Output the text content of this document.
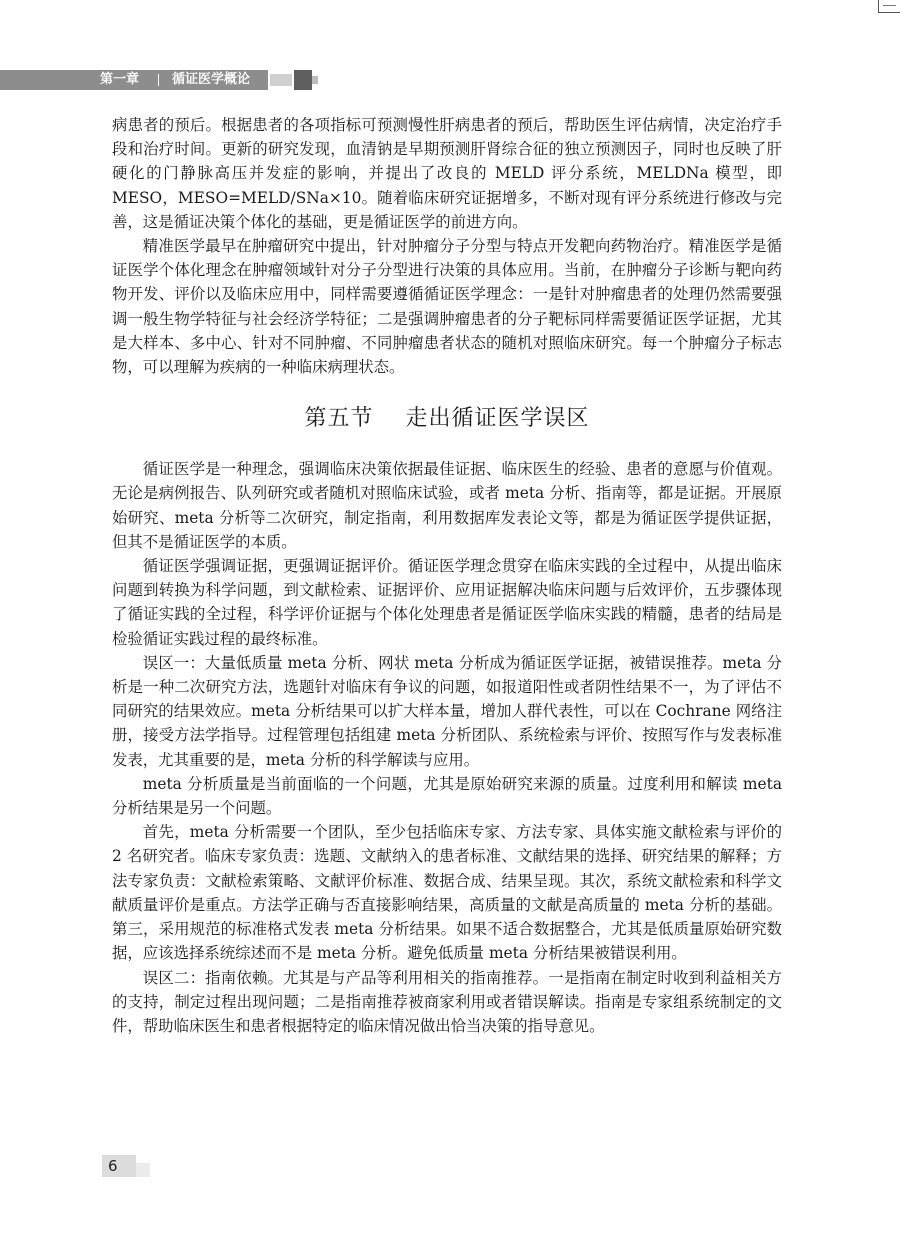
第一章	循证医学概论

病患者的预后。根据患者的各项指标可预测慢性肝病患者的预后，帮助医生评估病情，决定治疗手段和治疗时间。更新的研究发现，血清钠是早期预测肝肾综合征的独立预测因子，同时也反映了肝硬化的门静脉高压并发症的影响，并提出了改良的 MELD 评分系统，MELDNa 模型，即 MESO，MESO=MELD/SNa×10。随着临床研究证据增多，不断对现有评分系统进行修改与完善，这是循证决策个体化的基础，更是循证医学的前进方向。

精准医学最早在肿瘤研究中提出，针对肿瘤分子分型与特点开发靶向药物治疗。精准医学是循证医学个体化理念在肿瘤领域针对分子分型进行决策的具体应用。当前，在肿瘤分子诊断与靶向药物开发、评价以及临床应用中，同样需要遵循循证医学理念：一是针对肿瘤患者的处理仍然需要强调一般生物学特征与社会经济学特征；二是强调肿瘤患者的分子靶标同样需要循证医学证据，尤其是大样本、多中心、针对不同肿瘤、不同肿瘤患者状态的随机对照临床研究。每一个肿瘤分子标志物，可以理解为疾病的一种临床病理状态。

第五节 走出循证医学误区

循证医学是一种理念，强调临床决策依据最佳证据、临床医生的经验、患者的意愿与价值观。无论是病例报告、队列研究或者随机对照临床试验，或者 meta 分析、指南等，都是证据。开展原始研究、meta 分析等二次研究，制定指南，利用数据库发表论文等，都是为循证医学提供证据，但其不是循证医学的本质。

循证医学强调证据，更强调证据评价。循证医学理念贯穿在临床实践的全过程中，从提出临床问题到转换为科学问题，到文献检索、证据评价、应用证据解决临床问题与后效评价，五步骤体现了循证实践的全过程，科学评价证据与个体化处理患者是循证医学临床实践的精髓，患者的结局是检验循证实践过程的最终标准。

误区一：大量低质量 meta 分析、网状 meta 分析成为循证医学证据，被错误推荐。meta 分析是一种二次研究方法，选题针对临床有争议的问题，如报道阳性或者阴性结果不一，为了评估不同研究的结果效应。meta 分析结果可以扩大样本量，增加人群代表性，可以在 Cochrane 网络注册，接受方法学指导。过程管理包括组建 meta 分析团队、系统检索与评价、按照写作与发表标准发表，尤其重要的是，meta 分析的科学解读与应用。

meta 分析质量是当前面临的一个问题，尤其是原始研究来源的质量。过度利用和解读 meta 分析结果是另一个问题。

首先，meta 分析需要一个团队，至少包括临床专家、方法专家、具体实施文献检索与评价的 2 名研究者。临床专家负责：选题、文献纳入的患者标准、文献结果的选择、研究结果的解释；方法专家负责：文献检索策略、文献评价标准、数据合成、结果呈现。其次，系统文献检索和科学文献质量评价是重点。方法学正确与否直接影响结果，高质量的文献是高质量的 meta 分析的基础。第三，采用规范的标准格式发表 meta 分析结果。如果不适合数据整合，尤其是低质量原始研究数据，应该选择系统综述而不是 meta 分析。避免低质量 meta 分析结果被错误利用。

误区二：指南依赖。尤其是与产品等利用相关的指南推荐。一是指南在制定时收到利益相关方的支持，制定过程出现问题；二是指南推荐被商家利用或者错误解读。指南是专家组系统制定的文件，帮助临床医生和患者根据特定的临床情况做出恰当决策的指导意见。

6
